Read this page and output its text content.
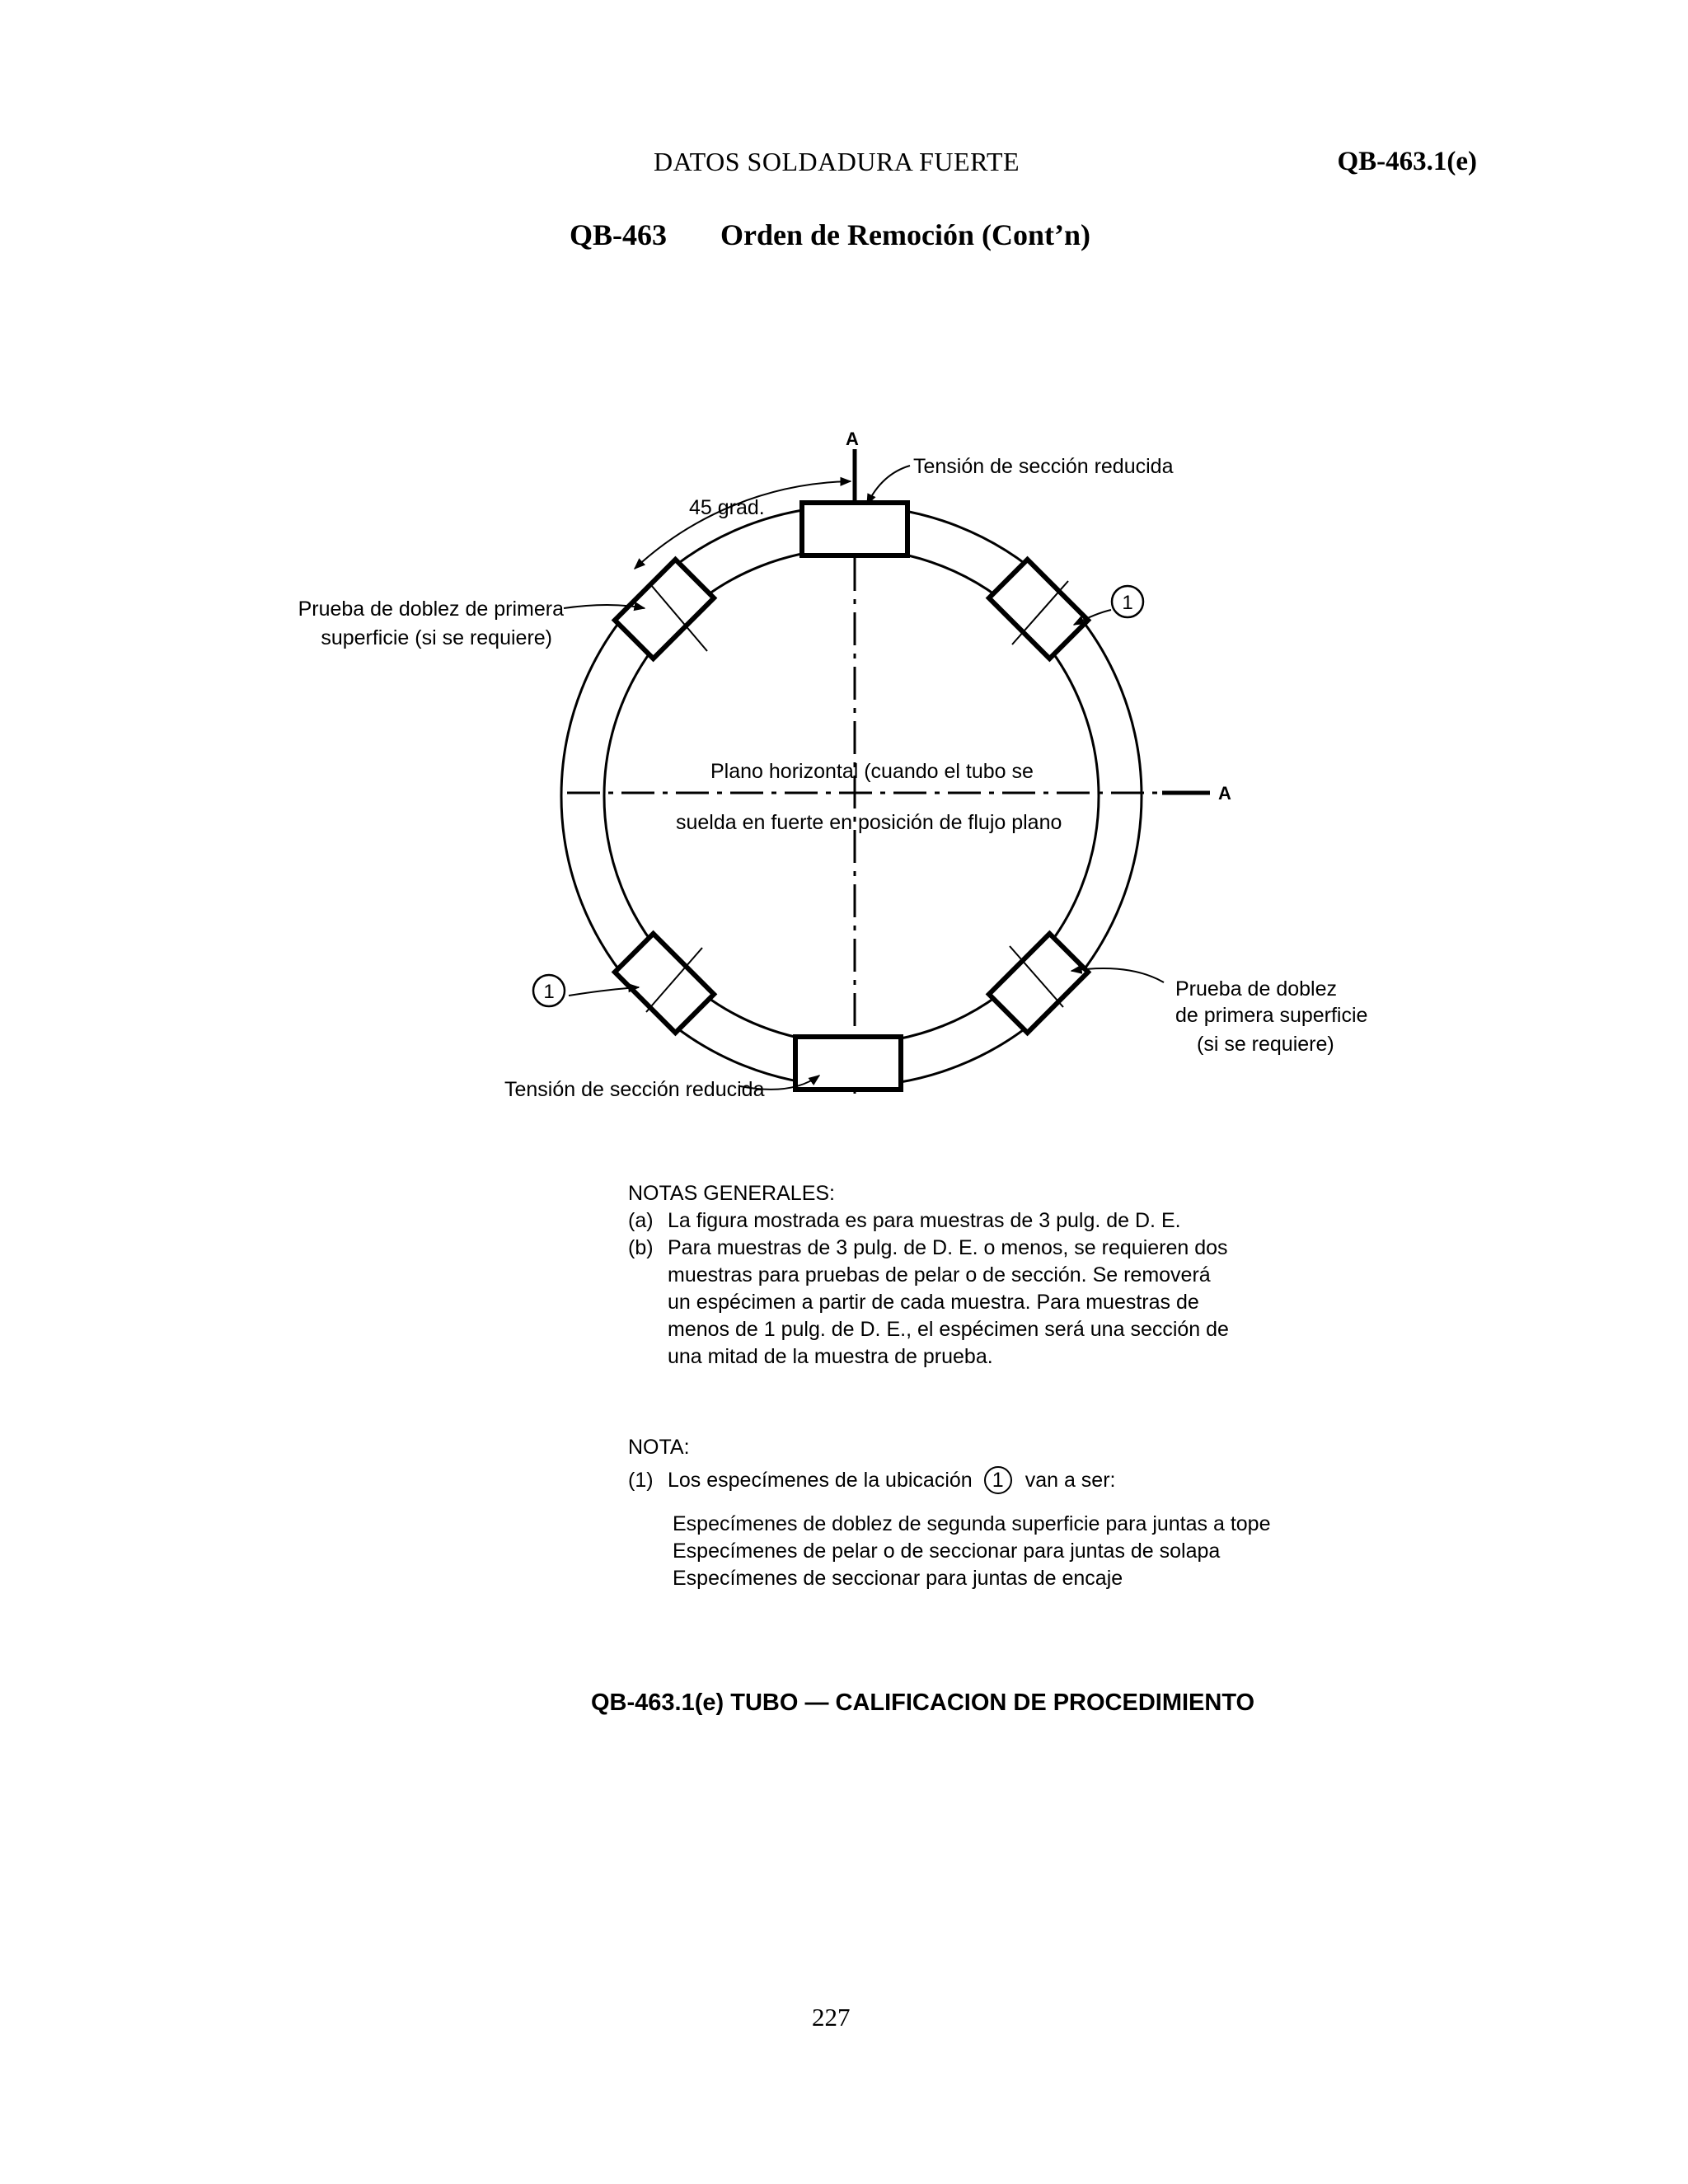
DATOS SOLDADURA FUERTE	QB-463.1(e)
QB-463 Orden de Remoción (Cont’n)
A
A
45 grad.
Tensión de sección reducida
Prueba de doblez de primera
superficie (si se requiere)
Plano horizontal (cuando el tubo se
suelda en fuerte en posición de flujo plano
1
1	Prueba de doblez
de primera superficie
(si se requiere)
Tensión de sección reducida
NOTAS GENERALES:
(a) La figura mostrada es para muestras de 3 pulg. de D. E.
(b) Para muestras de 3 pulg. de D. E. o menos, se requieren dos
muestras para pruebas de pelar o de sección. Se removerá
un espécimen a partir de cada muestra. Para muestras de
menos de 1 pulg. de D. E., el espécimen será una sección de
una mitad de la muestra de prueba.
NOTA:
(1) Los especímenes de la ubicación 1 van a ser:
Especímenes de doblez de segunda superficie para juntas a tope
Especímenes de pelar o de seccionar para juntas de solapa
Especímenes de seccionar para juntas de encaje
QB-463.1(e) TUBO — CALIFICACION DE PROCEDIMIENTO
227
